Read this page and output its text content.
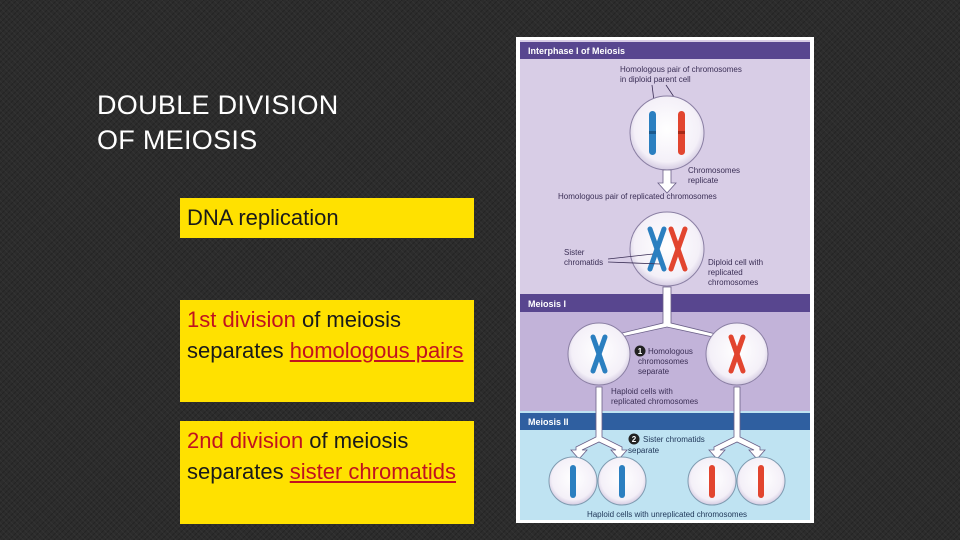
DOUBLE DIVISION
OF MEIOSIS
DNA replication
1st division of meiosis separates homologous pairs
2nd division of meiosis separates sister chromatids
Interphase I of Meiosis
Meiosis I
Meiosis II
Homologous pair of chromosomes
in diploid parent cell
Chromosomes
replicate
Homologous pair of replicated chromosomes
Sister
chromatids	Diploid cell with
replicated
chromosomes
1 Homologous
chromosomes
separate
Haploid cells with
replicated chromosomes
2 Sister chromatids
separate
Haploid cells with unreplicated chromosomes
